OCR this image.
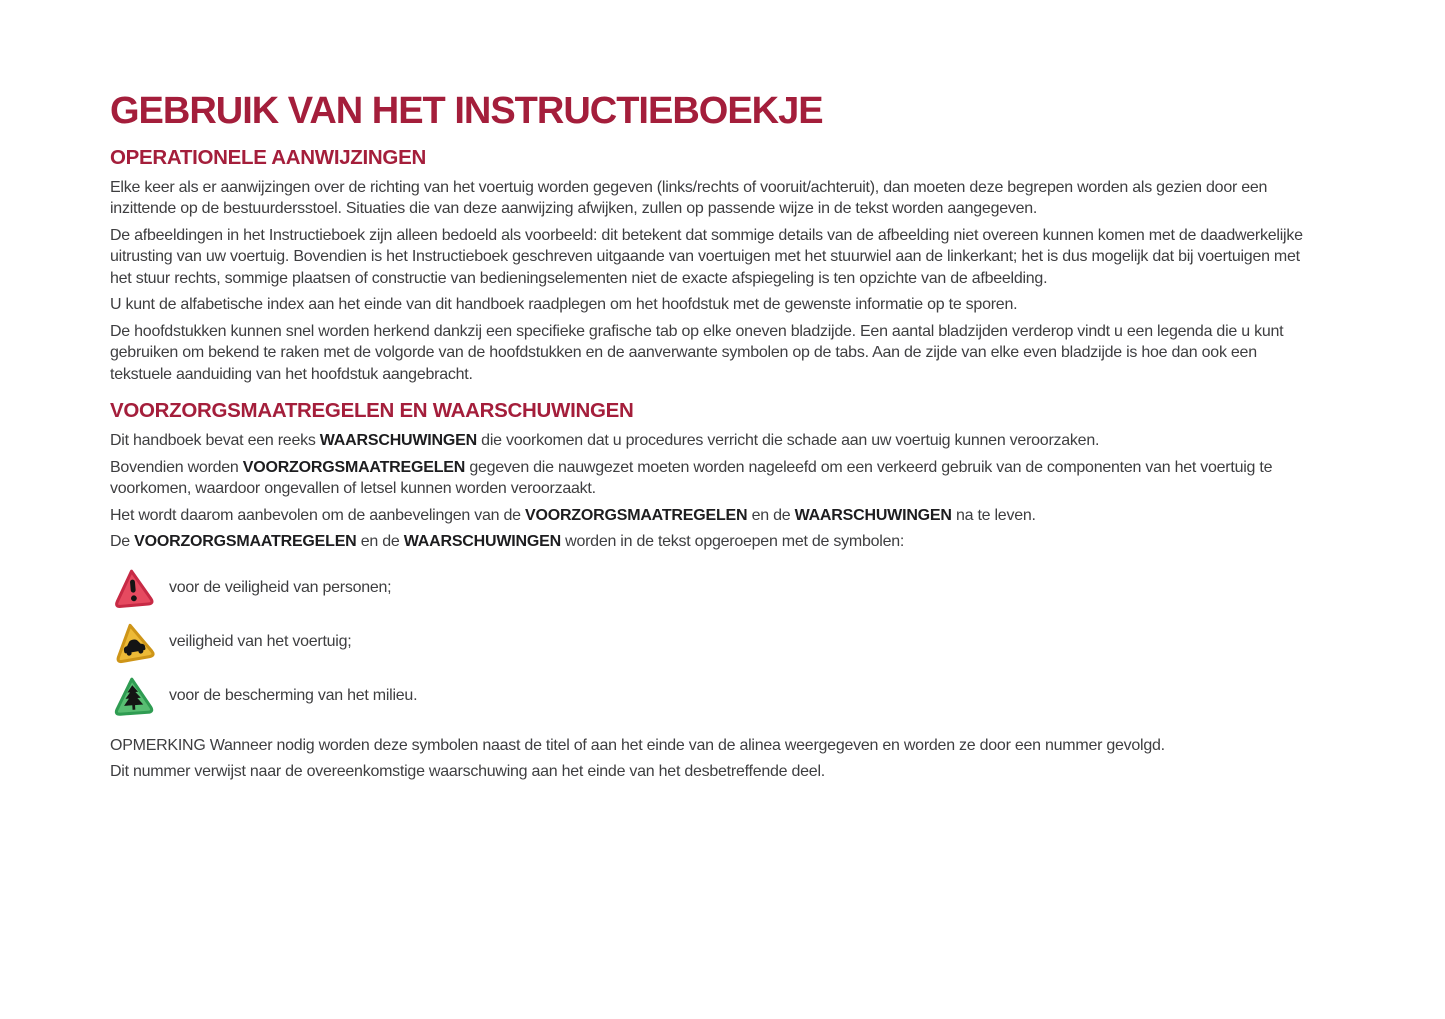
GEBRUIK VAN HET INSTRUCTIEBOEKJE
OPERATIONELE AANWIJZINGEN

Elke keer als er aanwijzingen over de richting van het voertuig worden gegeven (links/rechts of vooruit/achteruit), dan moeten deze begrepen worden als gezien door een inzittende op de bestuurdersstoel. Situaties die van deze aanwijzing afwijken, zullen op passende wijze in de tekst worden aangegeven.

De afbeeldingen in het Instructieboek zijn alleen bedoeld als voorbeeld: dit betekent dat sommige details van de afbeelding niet overeen kunnen komen met de daadwerkelijke uitrusting van uw voertuig. Bovendien is het Instructieboek geschreven uitgaande van voertuigen met het stuurwiel aan de linkerkant; het is dus mogelijk dat bij voertuigen met het stuur rechts, sommige plaatsen of constructie van bedieningselementen niet de exacte afspiegeling is ten opzichte van de afbeelding.

U kunt de alfabetische index aan het einde van dit handboek raadplegen om het hoofdstuk met de gewenste informatie op te sporen.

De hoofdstukken kunnen snel worden herkend dankzij een specifieke grafische tab op elke oneven bladzijde. Een aantal bladzijden verderop vindt u een legenda die u kunt gebruiken om bekend te raken met de volgorde van de hoofdstukken en de aanverwante symbolen op de tabs. Aan de zijde van elke even bladzijde is hoe dan ook een tekstuele aanduiding van het hoofdstuk aangebracht.

VOORZORGSMAATREGELEN EN WAARSCHUWINGEN

Dit handboek bevat een reeks WAARSCHUWINGEN die voorkomen dat u procedures verricht die schade aan uw voertuig kunnen veroorzaken.

Bovendien worden VOORZORGSMAATREGELEN gegeven die nauwgezet moeten worden nageleefd om een verkeerd gebruik van de componenten van het voertuig te voorkomen, waardoor ongevallen of letsel kunnen worden veroorzaakt.

Het wordt daarom aanbevolen om de aanbevelingen van de VOORZORGSMAATREGELEN en de WAARSCHUWINGEN na te leven.

De VOORZORGSMAATREGELEN en de WAARSCHUWINGEN worden in de tekst opgeroepen met de symbolen:

voor de veiligheid van personen;
veiligheid van het voertuig;
voor de bescherming van het milieu.

OPMERKING Wanneer nodig worden deze symbolen naast de titel of aan het einde van de alinea weergegeven en worden ze door een nummer gevolgd.

Dit nummer verwijst naar de overeenkomstige waarschuwing aan het einde van het desbetreffende deel.
